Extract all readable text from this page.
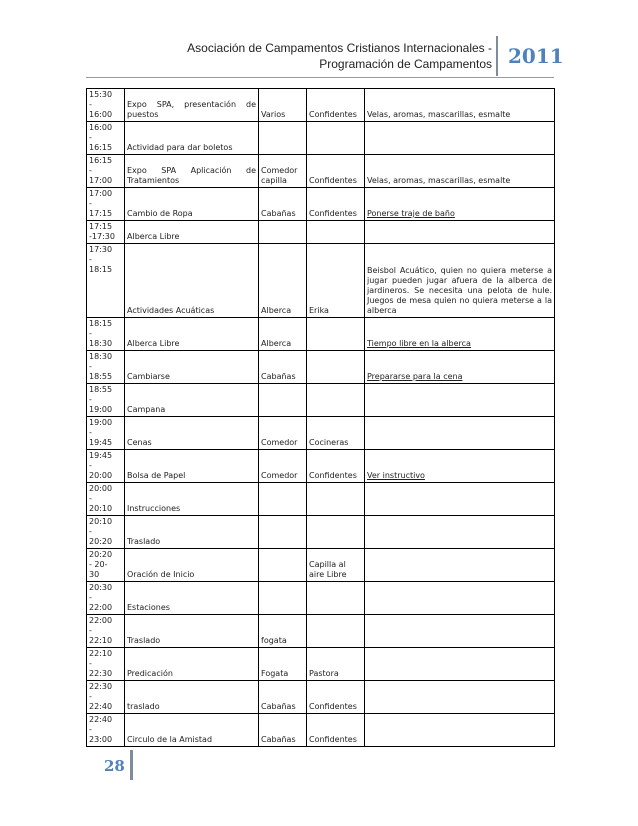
Asociación de Campamentos Cristianos Internacionales - Programación de Campamentos 2011
15:30
-
16:00	Expo SPA, presentación de puestos	Varios	Confidentes	Velas, aromas, mascarillas, esmalte
16:00
-
16:15	Actividad para dar boletos			
16:15
-
17:00	Expo SPA Aplicación de Tratamientos	Comedor capilla	Confidentes	Velas, aromas, mascarillas, esmalte
17:00
-
17:15	Cambio de Ropa	Cabañas	Confidentes	Ponerse traje de baño
17:15
-17:30	Alberca Libre			
17:30
-
18:15	Actividades Acuáticas	Alberca	Erika	Beisbol Acuático, quien no quiera meterse a jugar pueden jugar afuera de la alberca de jardineros. Se necesita una pelota de hule. Juegos de mesa quien no quiera meterse a la alberca
18:15
-
18:30	Alberca Libre	Alberca		Tiempo libre en la alberca
18:30
-
18:55	Cambiarse	Cabañas		Prepararse para la cena
18:55
-
19:00	Campana			
19:00
-
19:45	Cenas	Comedor	Cocineras	
19:45
-
20:00	Bolsa de Papel	Comedor	Confidentes	Ver instructivo
20:00
-
20:10	Instrucciones			
20:10
-
20:20	Traslado			
20:20
- 20-
30	Oración de Inicio		Capilla al aire Libre	
20:30
-
22:00	Estaciones			
22:00
-
22:10	Traslado	fogata		
22:10
-
22:30	Predicación	Fogata	Pastora	
22:30
-
22:40	traslado	Cabañas	Confidentes	
22:40
-
23:00	Circulo de la Amistad	Cabañas	Confidentes	
28
